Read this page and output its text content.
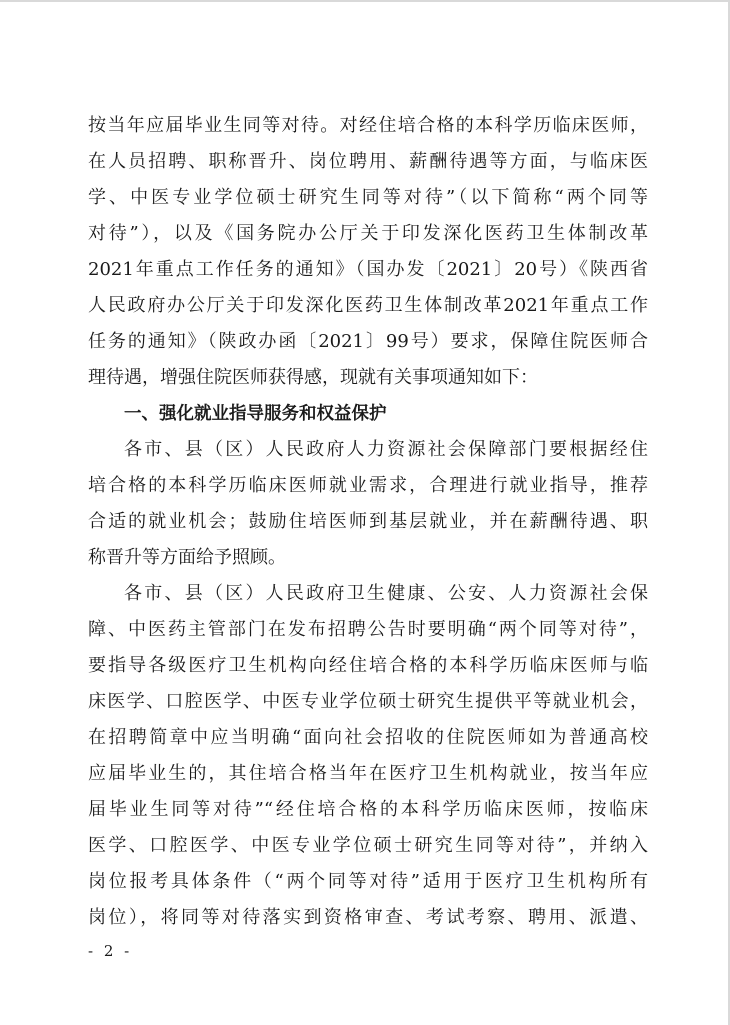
按当年应届毕业生同等对待。对经住培合格的本科学历临床医师，
在人员招聘、职称晋升、岗位聘用、薪酬待遇等方面，与临床医
学、中医专业学位硕士研究生同等对待”（以下简称“两个同等
对待”），以及《国务院办公厅关于印发深化医药卫生体制改革
2021年重点工作任务的通知》（国办发〔2021〕20号）《陕西省
人民政府办公厅关于印发深化医药卫生体制改革2021年重点工作
任务的通知》（陕政办函〔2021〕99号）要求，保障住院医师合
理待遇，增强住院医师获得感，现就有关事项通知如下：
一、强化就业指导服务和权益保护
各市、县（区）人民政府人力资源社会保障部门要根据经住
培合格的本科学历临床医师就业需求，合理进行就业指导，推荐
合适的就业机会；鼓励住培医师到基层就业，并在薪酬待遇、职
称晋升等方面给予照顾。
各市、县（区）人民政府卫生健康、公安、人力资源社会保
障、中医药主管部门在发布招聘公告时要明确“两个同等对待”，
要指导各级医疗卫生机构向经住培合格的本科学历临床医师与临
床医学、口腔医学、中医专业学位硕士研究生提供平等就业机会，
在招聘简章中应当明确“面向社会招收的住院医师如为普通高校
应届毕业生的，其住培合格当年在医疗卫生机构就业，按当年应
届毕业生同等对待”“经住培合格的本科学历临床医师，按临床
医学、口腔医学、中医专业学位硕士研究生同等对待”，并纳入
岗位报考具体条件（“两个同等对待”适用于医疗卫生机构所有
岗位），将同等对待落实到资格审查、考试考察、聘用、派遣、
- 2 -
